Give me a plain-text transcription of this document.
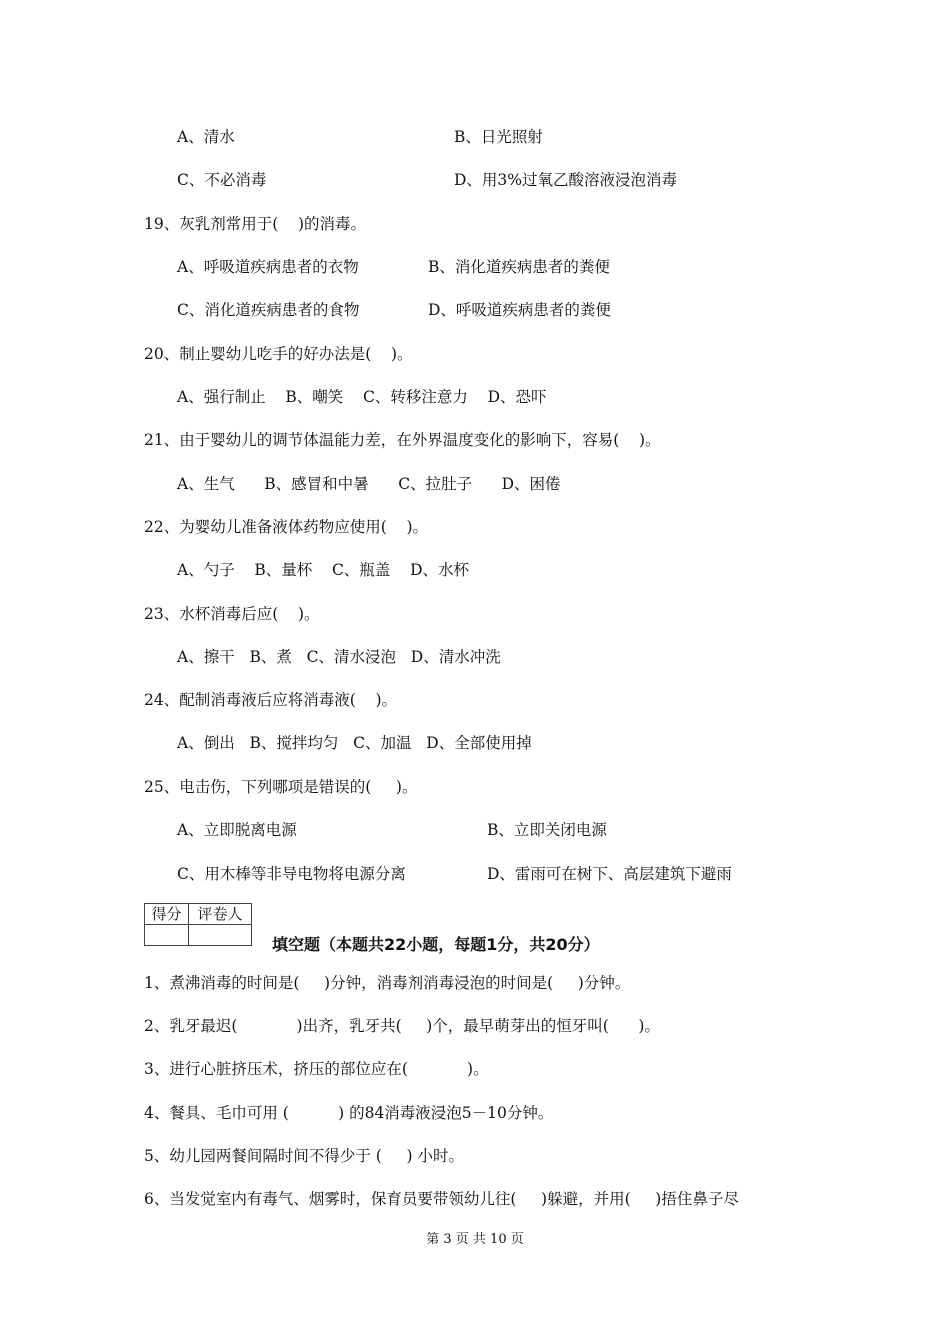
A、清水	B、日光照射
C、不必消毒	D、用3%过氧乙酸溶液浸泡消毒
19、灰乳剂常用于(    )的消毒。
A、呼吸道疾病患者的衣物	B、消化道疾病患者的粪便
C、消化道疾病患者的食物	D、呼吸道疾病患者的粪便
20、制止婴幼儿吃手的好办法是(    )。
A、强行制止    B、嘲笑    C、转移注意力    D、恐吓
21、由于婴幼儿的调节体温能力差，在外界温度变化的影响下，容易(    )。
A、生气      B、感冒和中暑      C、拉肚子      D、困倦
22、为婴幼儿准备液体药物应使用(    )。
A、勺子    B、量杯    C、瓶盖    D、水杯
23、水杯消毒后应(    )。
A、擦干   B、煮   C、清水浸泡   D、清水冲洗
24、配制消毒液后应将消毒液(    )。
A、倒出   B、搅拌均匀   C、加温   D、全部使用掉
25、电击伤，下列哪项是错误的(     )。
A、立即脱离电源	B、立即关闭电源
C、用木棒等非导电物将电源分离	D、雷雨可在树下、高层建筑下避雨
得分	评卷人

填空题（本题共22小题，每题1分，共20分）
1、煮沸消毒的时间是(     )分钟，消毒剂消毒浸泡的时间是(     )分钟。
2、乳牙最迟(            )出齐，乳牙共(     )个，最早萌芽出的恒牙叫(      )。
3、进行心脏挤压术，挤压的部位应在(            )。
4、餐具、毛巾可用 (          ) 的84消毒液浸泡5－10分钟。
5、幼儿园两餐间隔时间不得少于 (     ) 小时。
6、当发觉室内有毒气、烟雾时，保育员要带领幼儿往(     )躲避，并用(     )捂住鼻子尽
第 3 页 共 10 页
